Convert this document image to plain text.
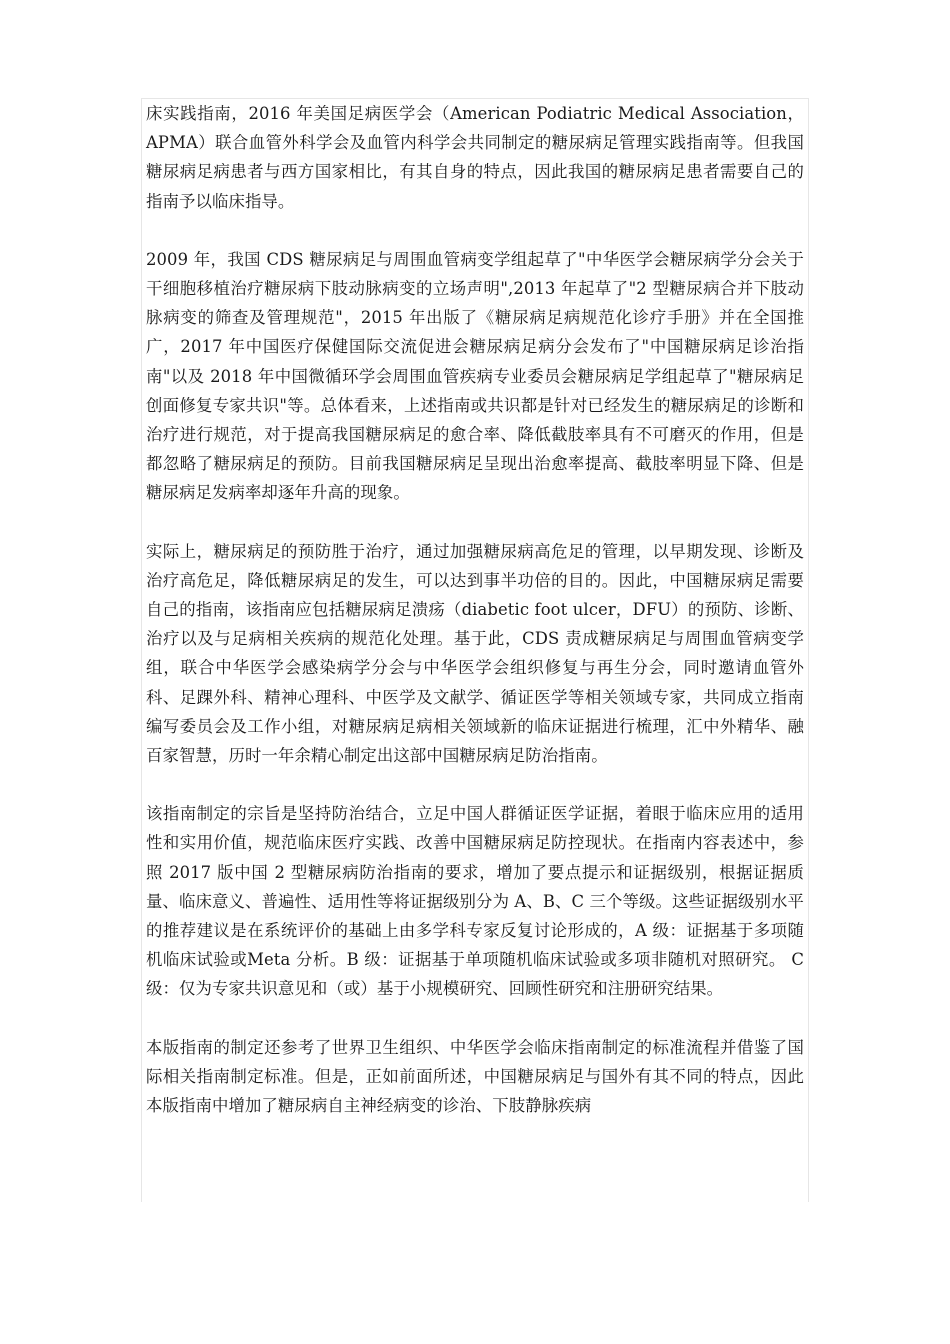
床实践指南，2016 年美国足病医学会（American Podiatric Medical Association，APMA）联合血管外科学会及血管内科学会共同制定的糖尿病足管理实践指南等。但我国糖尿病足病患者与西方国家相比，有其自身的特点，因此我国的糖尿病足患者需要自己的指南予以临床指导。

2009 年，我国 CDS 糖尿病足与周围血管病变学组起草了"中华医学会糖尿病学分会关于干细胞移植治疗糖尿病下肢动脉病变的立场声明",2013 年起草了"2 型糖尿病合并下肢动脉病变的筛查及管理规范"，2015 年出版了《糖尿病足病规范化诊疗手册》并在全国推广，2017 年中国医疗保健国际交流促进会糖尿病足病分会发布了"中国糖尿病足诊治指南"以及 2018 年中国微循环学会周围血管疾病专业委员会糖尿病足学组起草了"糖尿病足创面修复专家共识"等。总体看来，上述指南或共识都是针对已经发生的糖尿病足的诊断和治疗进行规范，对于提高我国糖尿病足的愈合率、降低截肢率具有不可磨灭的作用，但是都忽略了糖尿病足的预防。目前我国糖尿病足呈现出治愈率提高、截肢率明显下降、但是糖尿病足发病率却逐年升高的现象。

实际上，糖尿病足的预防胜于治疗，通过加强糖尿病高危足的管理，以早期发现、诊断及治疗高危足，降低糖尿病足的发生，可以达到事半功倍的目的。因此，中国糖尿病足需要自己的指南，该指南应包括糖尿病足溃疡（diabetic foot ulcer，DFU）的预防、诊断、治疗以及与足病相关疾病的规范化处理。基于此，CDS 责成糖尿病足与周围血管病变学组，联合中华医学会感染病学分会与中华医学会组织修复与再生分会，同时邀请血管外科、足踝外科、精神心理科、中医学及文献学、循证医学等相关领域专家，共同成立指南编写委员会及工作小组，对糖尿病足病相关领域新的临床证据进行梳理，汇中外精华、融百家智慧，历时一年余精心制定出这部中国糖尿病足防治指南。

该指南制定的宗旨是坚持防治结合，立足中国人群循证医学证据，着眼于临床应用的适用性和实用价值，规范临床医疗实践、改善中国糖尿病足防控现状。在指南内容表述中，参照 2017 版中国 2 型糖尿病防治指南的要求，增加了要点提示和证据级别，根据证据质量、临床意义、普遍性、适用性等将证据级别分为 A、B、C 三个等级。这些证据级别水平的推荐建议是在系统评价的基础上由多学科专家反复讨论形成的，A 级：证据基于多项随机临床试验或Meta 分析。B 级：证据基于单项随机临床试验或多项非随机对照研究。 C 级：仅为专家共识意见和（或）基于小规模研究、回顾性研究和注册研究结果。

本版指南的制定还参考了世界卫生组织、中华医学会临床指南制定的标准流程并借鉴了国际相关指南制定标准。但是，正如前面所述，中国糖尿病足与国外有其不同的特点，因此本版指南中增加了糖尿病自主神经病变的诊治、下肢静脉疾病
